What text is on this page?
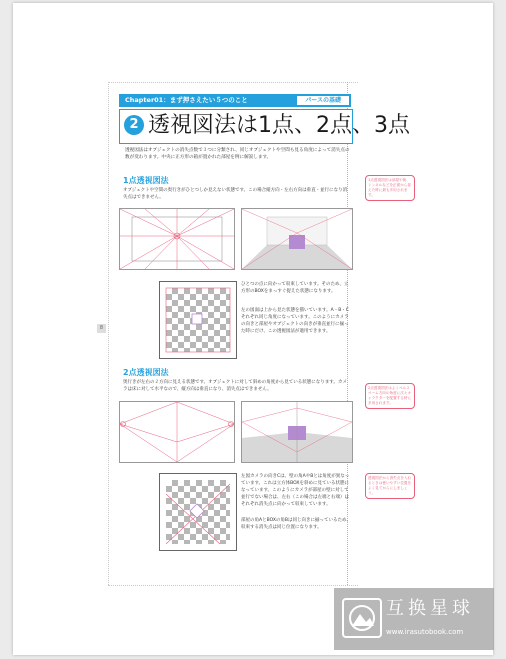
8
Chapter01：まず押さえたい５つのこと	パースの基礎
2 透視図法は1点、2点、3点
透視図法はオブジェクトの消失点数で３つに分類され、同じオブジェクトや空間も見る角度によって消失点の数が変わります。中央に正方形の箱が置かれた部屋を例に解説します。
1点透視図法
オブジェクトや空間の奥行きがひとつしか見えない状態です。この場合縦方向・左右方向は垂直・並行になり消失点はできません。
ひとつの点に向かって収束しています。そのため、立方形のBOXをまっすぐ捉えた状態になります。
左の図面は上から見た状態を描いています。A・B・Cそれぞれ同じ角度になっています。このようにカメラの向きと部屋やオブジェクトの向きが垂直並行に揃った時にだけ、この透視図法が適用できます。
2点透視図法
奥行きが左右の２方向に見える状態です。オブジェクトに対して斜めの角度から見ている状態になります。カメラは床に対して水平なので、縦方向は垂直になり、消失点はできません。
左図カメラの向きCは、壁の角AやBとは角度が異なっています。これは立方体BOXを斜めに見ている状態になっています。このようにカメラが部屋の壁に対して並行でない場合は、左右（この場合は左端と右端）はそれぞれ消失点に向かって収束しています。
部屋の角AとBOXの角Bは同じ向きに揃っているため、収束する消失点は同じ位置になります。
1点透視図法は部屋や街、トンネルなどを正面から捉えた時に最も多用されます。
2点透視図法はよくペルスペーム方向の角度に次々キャラクターを配置する時に多用されます。
透視図法から消失点を入れるときは使いやすい位置をよく見てからにしましょう。
互换星球
www.irasutobook.com
